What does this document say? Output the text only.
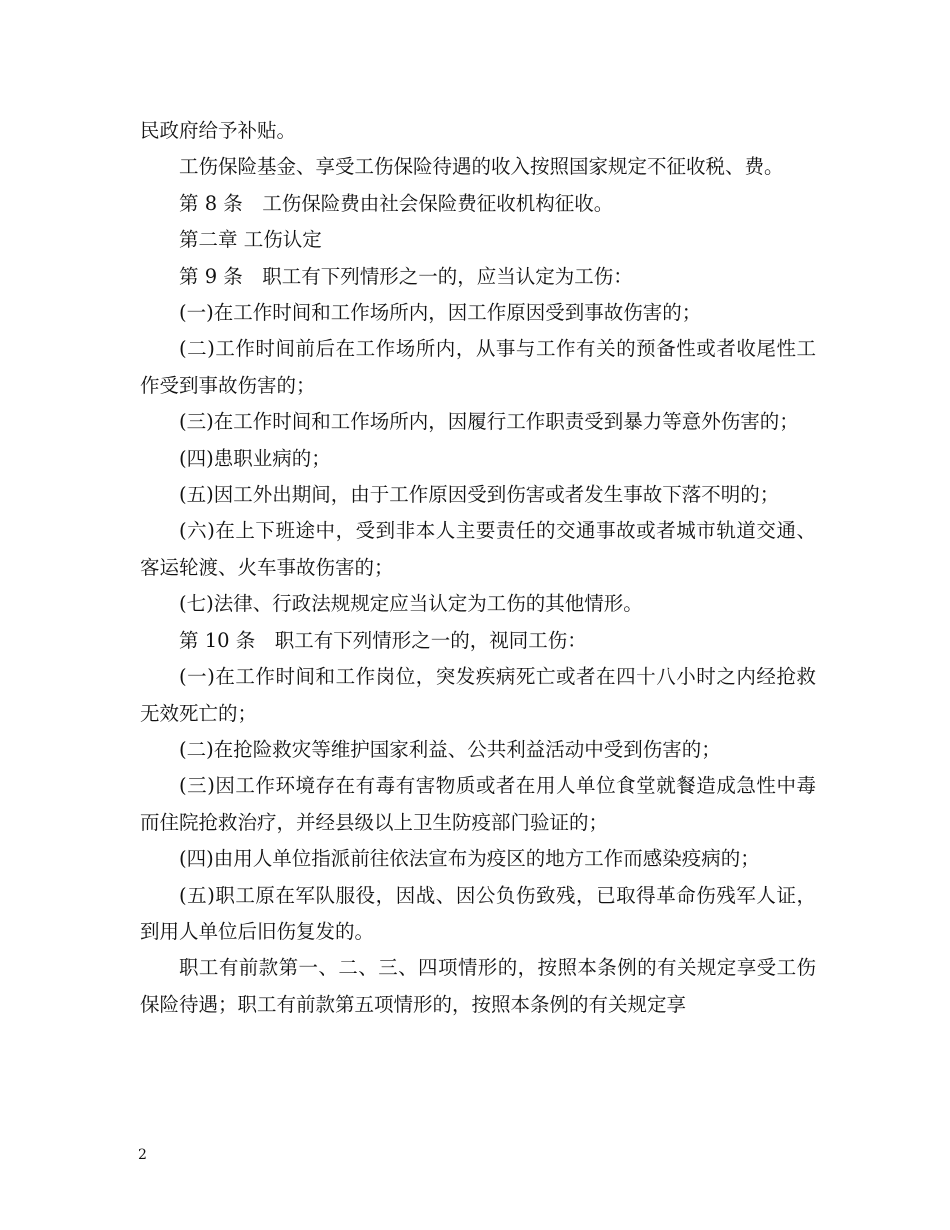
民政府给予补贴。

工伤保险基金、享受工伤保险待遇的收入按照国家规定不征收税、费。

第 8 条　工伤保险费由社会保险费征收机构征收。

第二章 工伤认定

第 9 条　职工有下列情形之一的，应当认定为工伤：

(一)在工作时间和工作场所内，因工作原因受到事故伤害的；

(二)工作时间前后在工作场所内，从事与工作有关的预备性或者收尾性工作受到事故伤害的；

(三)在工作时间和工作场所内，因履行工作职责受到暴力等意外伤害的；

(四)患职业病的；

(五)因工外出期间，由于工作原因受到伤害或者发生事故下落不明的；

(六)在上下班途中，受到非本人主要责任的交通事故或者城市轨道交通、客运轮渡、火车事故伤害的；

(七)法律、行政法规规定应当认定为工伤的其他情形。

第 10 条　职工有下列情形之一的，视同工伤：

(一)在工作时间和工作岗位，突发疾病死亡或者在四十八小时之内经抢救无效死亡的；

(二)在抢险救灾等维护国家利益、公共利益活动中受到伤害的；

(三)因工作环境存在有毒有害物质或者在用人单位食堂就餐造成急性中毒而住院抢救治疗，并经县级以上卫生防疫部门验证的；

(四)由用人单位指派前往依法宣布为疫区的地方工作而感染疫病的；

(五)职工原在军队服役，因战、因公负伤致残，已取得革命伤残军人证，到用人单位后旧伤复发的。

职工有前款第一、二、三、四项情形的，按照本条例的有关规定享受工伤保险待遇；职工有前款第五项情形的，按照本条例的有关规定享

2
